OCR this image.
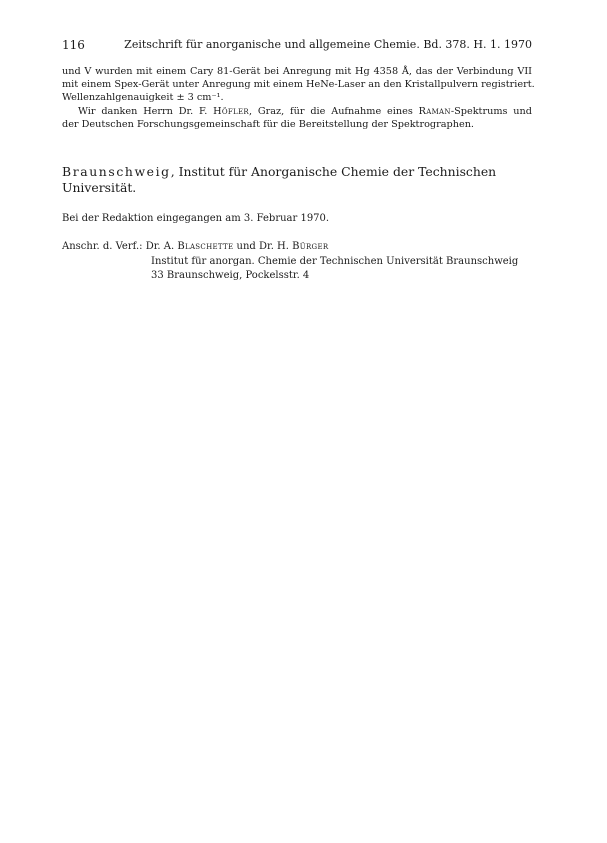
116	Zeitschrift für anorganische und allgemeine Chemie. Bd. 378. H. 1. 1970

und V wurden mit einem Cary 81-Gerät bei Anregung mit Hg 4358 Å, das der Verbindung VII
mit einem Spex-Gerät unter Anregung mit einem HeNe-Laser an den Kristallpulvern registriert.
Wellenzahlgenauigkeit ± 3 cm⁻¹.

Wir danken Herrn Dr. F. Höfler, Graz, für die Aufnahme eines Raman-Spektrums und
der Deutschen Forschungsgemeinschaft für die Bereitstellung der Spektrographen.

Braunschweig, Institut für Anorganische Chemie der Technischen
Universität.
Bei der Redaktion eingegangen am 3. Februar 1970.
Anschr. d. Verf.: Dr. A. Blaschette und Dr. H. Bürger
Institut für anorgan. Chemie der Technischen Universität Braunschweig
33 Braunschweig, Pockelsstr. 4
